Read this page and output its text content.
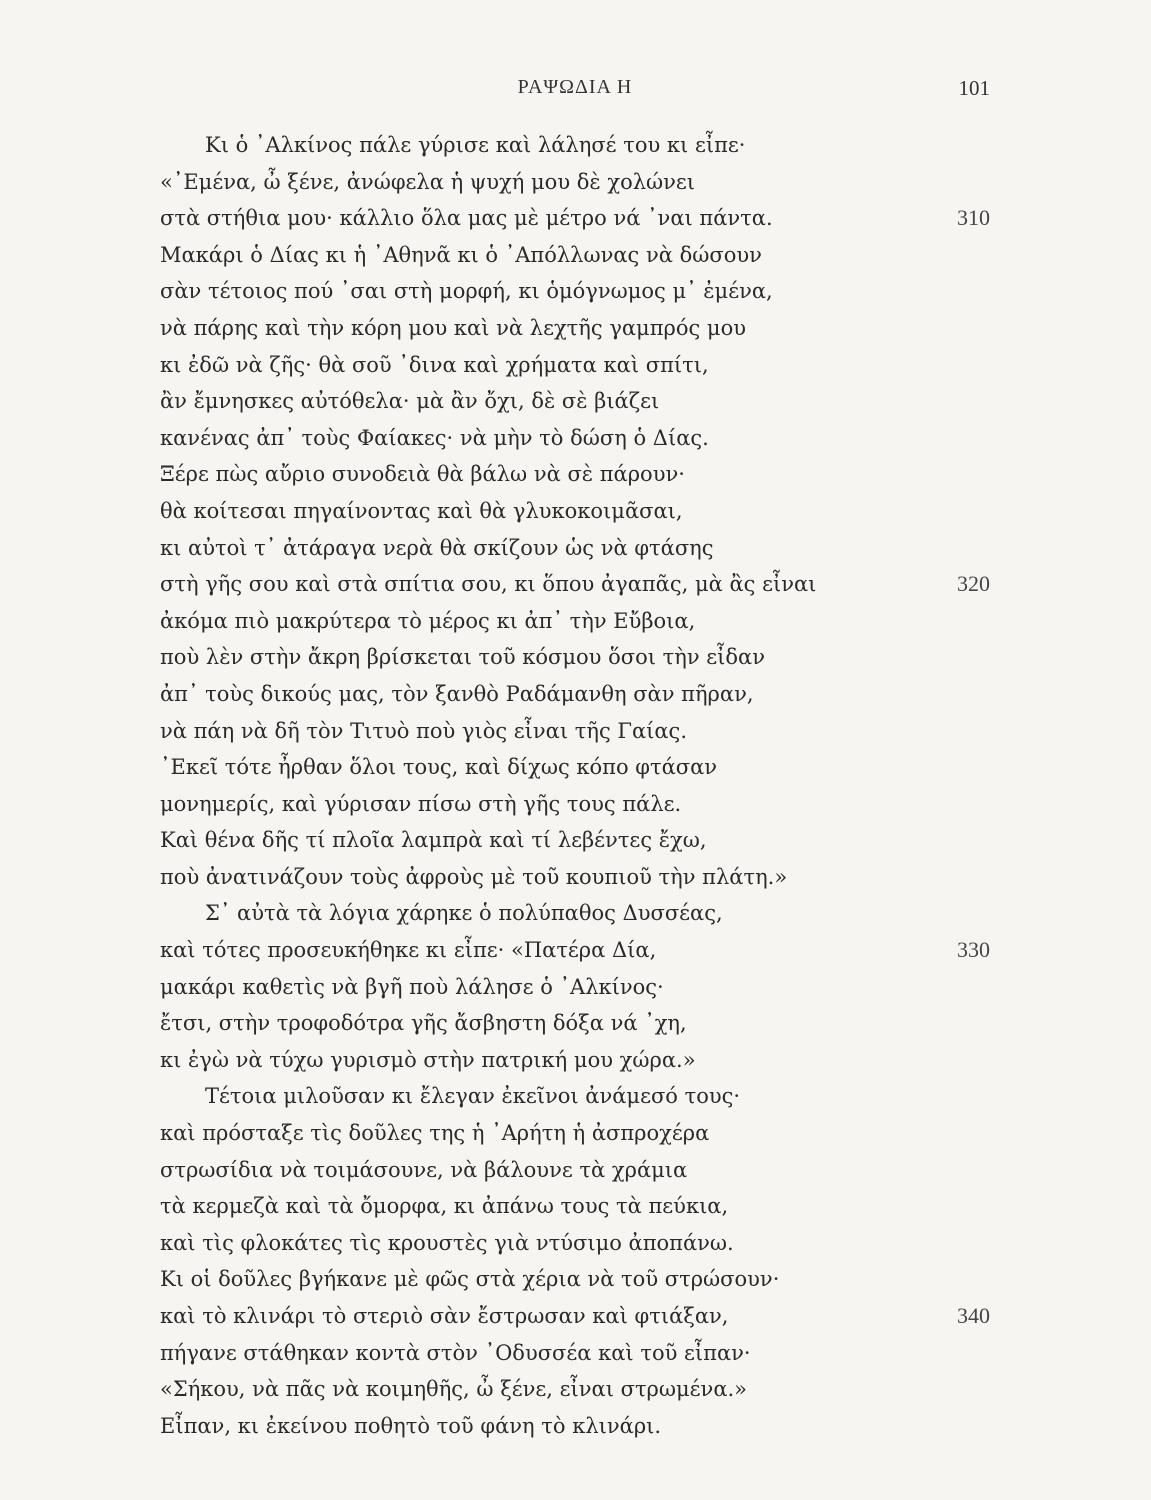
ΡΑΨΩΔΙΑ Η	101
Κι ὁ ᾽Αλκίνος πάλε γύρισε καὶ λάλησέ του κι εἶπε·
«᾽Εμένα, ὦ ξένε, ἀνώφελα ἡ ψυχή μου δὲ χολώνει
στὰ στήθια μου· κάλλιο ὅλα μας μὲ μέτρο νά ᾽ναι πάντα.	310
Μακάρι ὁ Δίας κι ἡ ᾽Αθηνᾶ κι ὁ ᾽Απόλλωνας νὰ δώσουν
σὰν τέτοιος πού ᾽σαι στὴ μορφή, κι ὁμόγνωμος μ᾽ ἐμένα,
νὰ πάρης καὶ τὴν κόρη μου καὶ νὰ λεχτῆς γαμπρός μου
κι ἐδῶ νὰ ζῆς· θὰ σοῦ ᾽δινα καὶ χρήματα καὶ σπίτι,
ἂν ἔμνησκες αὐτόθελα· μὰ ἂν ὄχι, δὲ σὲ βιάζει
κανένας ἀπ᾽ τοὺς Φαίακες· νὰ μὴν τὸ δώση ὁ Δίας.
Ξέρε πὼς αὔριο συνοδειὰ θὰ βάλω νὰ σὲ πάρουν·
θὰ κοίτεσαι πηγαίνοντας καὶ θὰ γλυκοκοιμᾶσαι,
κι αὐτοὶ τ᾽ ἀτάραγα νερὰ θὰ σκίζουν ὡς νὰ φτάσης
στὴ γῆς σου καὶ στὰ σπίτια σου, κι ὅπου ἀγαπᾶς, μὰ ἂς εἶναι	320
ἀκόμα πιὸ μακρύτερα τὸ μέρος κι ἀπ᾽ τὴν Εὔβοια,
ποὺ λὲν στὴν ἄκρη βρίσκεται τοῦ κόσμου ὅσοι τὴν εἶδαν
ἀπ᾽ τοὺς δικούς μας, τὸν ξανθὸ Ραδάμανθη σὰν πῆραν,
νὰ πάη νὰ δῆ τὸν Τιτυὸ ποὺ γιὸς εἶναι τῆς Γαίας.
᾽Εκεῖ τότε ἦρθαν ὅλοι τους, καὶ δίχως κόπο φτάσαν
μονημερίς, καὶ γύρισαν πίσω στὴ γῆς τους πάλε.
Καὶ θένα δῆς τί πλοῖα λαμπρὰ καὶ τί λεβέντες ἔχω,
ποὺ ἀνατινάζουν τοὺς ἀφροὺς μὲ τοῦ κουπιοῦ τὴν πλάτη.»
Σ᾽ αὐτὰ τὰ λόγια χάρηκε ὁ πολύπαθος Δυσσέας,
καὶ τότες προσευκήθηκε κι εἶπε· «Πατέρα Δία,	330
μακάρι καθετὶς νὰ βγῆ ποὺ λάλησε ὁ ᾽Αλκίνος·
ἔτσι, στὴν τροφοδότρα γῆς ἄσβηστη δόξα νά ᾽χη,
κι ἐγὼ νὰ τύχω γυρισμὸ στὴν πατρική μου χώρα.»
Τέτοια μιλοῦσαν κι ἔλεγαν ἐκεῖνοι ἀνάμεσό τους·
καὶ πρόσταξε τὶς δοῦλες της ἡ ᾽Αρήτη ἡ ἀσπροχέρα
στρωσίδια νὰ τοιμάσουνε, νὰ βάλουνε τὰ χράμια
τὰ κερμεζὰ καὶ τὰ ὄμορφα, κι ἀπάνω τους τὰ πεύκια,
καὶ τὶς φλοκάτες τὶς κρουστὲς γιὰ ντύσιμο ἀποπάνω.
Κι οἱ δοῦλες βγήκανε μὲ φῶς στὰ χέρια νὰ τοῦ στρώσουν·
καὶ τὸ κλινάρι τὸ στεριὸ σὰν ἔστρωσαν καὶ φτιάξαν,	340
πήγανε στάθηκαν κοντὰ στὸν ᾽Οδυσσέα καὶ τοῦ εἶπαν·
«Σήκου, νὰ πᾶς νὰ κοιμηθῆς, ὦ ξένε, εἶναι στρωμένα.»
Εἶπαν, κι ἐκείνου ποθητὸ τοῦ φάνη τὸ κλινάρι.
